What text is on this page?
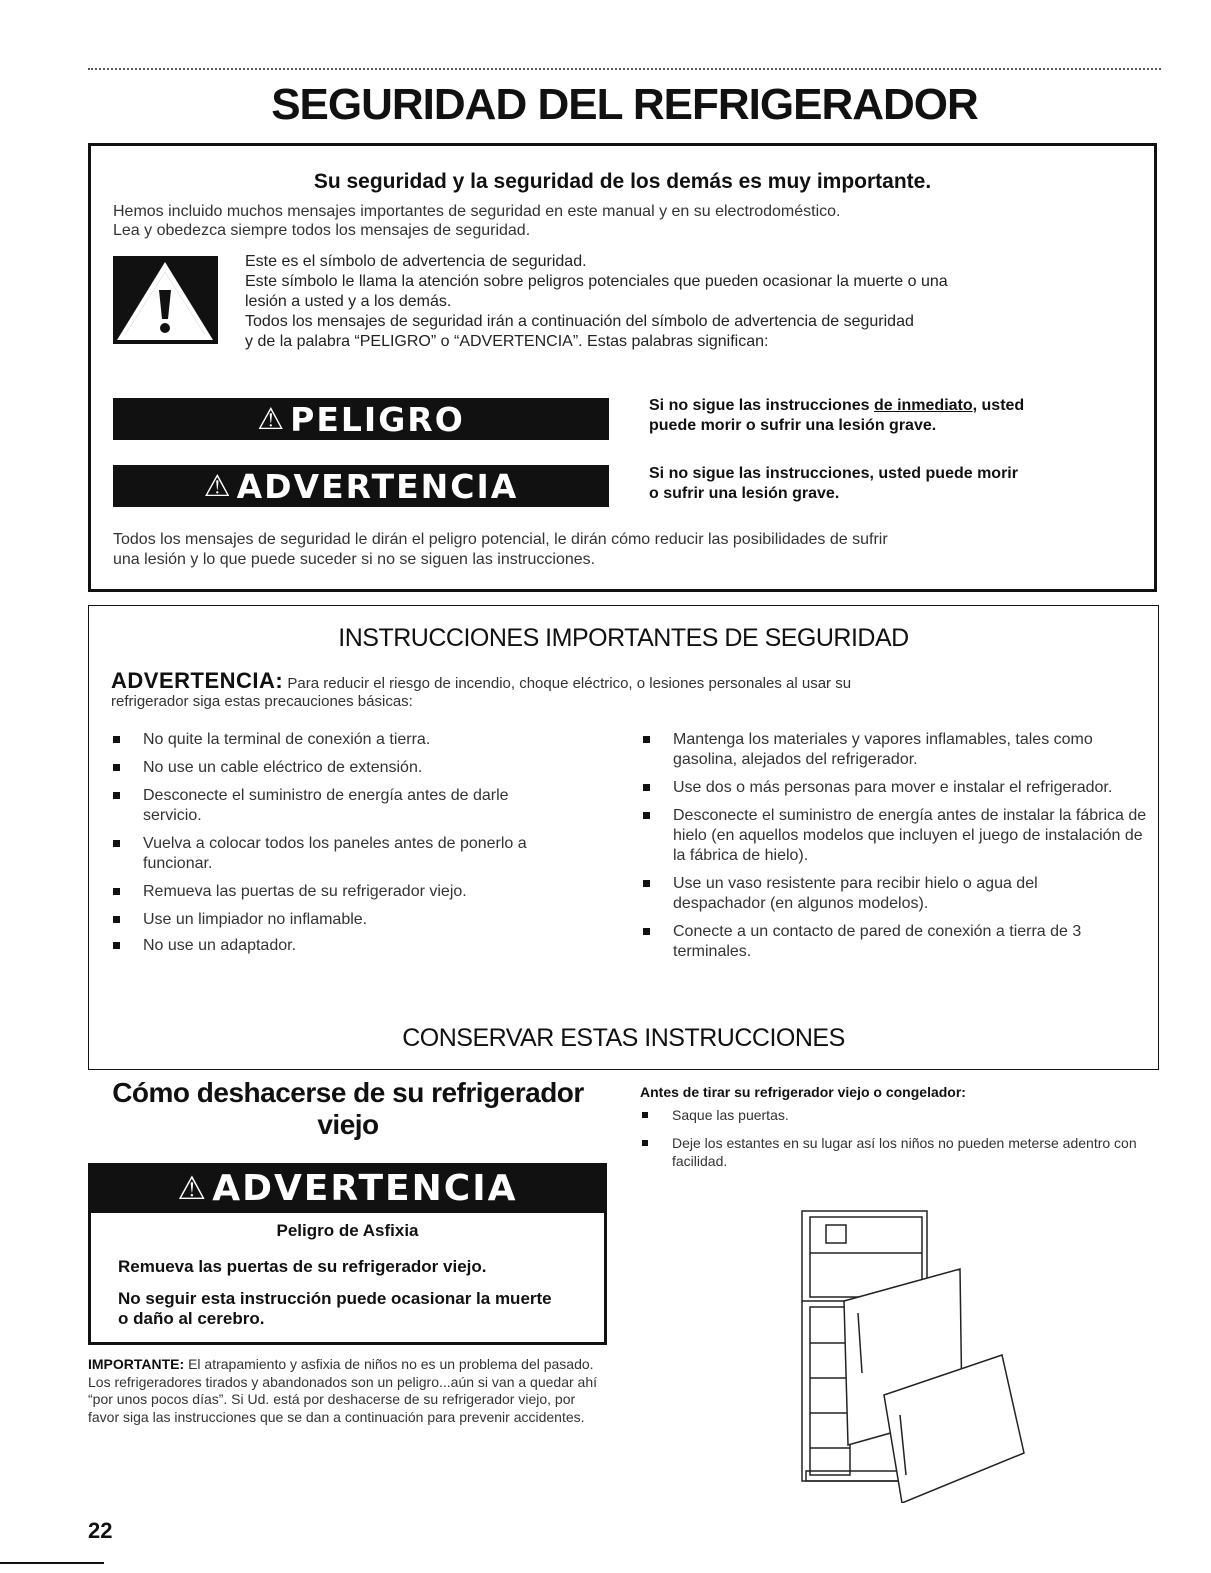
SEGURIDAD DEL REFRIGERADOR
Su seguridad y la seguridad de los demás es muy importante.
Hemos incluido muchos mensajes importantes de seguridad en este manual y en su electrodoméstico.
Lea y obedezca siempre todos los mensajes de seguridad.
Este es el símbolo de advertencia de seguridad.
Este símbolo le llama la atención sobre peligros potenciales que pueden ocasionar la muerte o una
lesión a usted y a los demás.
Todos los mensajes de seguridad irán a continuación del símbolo de advertencia de seguridad
y de la palabra “PELIGRO” o “ADVERTENCIA”. Estas palabras significan:
⚠ PELIGRO	Si no sigue las instrucciones de inmediato, usted
puede morir o sufrir una lesión grave.
⚠ ADVERTENCIA	Si no sigue las instrucciones, usted puede morir
o sufrir una lesión grave.
Todos los mensajes de seguridad le dirán el peligro potencial, le dirán cómo reducir las posibilidades de sufrir
una lesión y lo que puede suceder si no se siguen las instrucciones.
INSTRUCCIONES IMPORTANTES DE SEGURIDAD
ADVERTENCIA: Para reducir el riesgo de incendio, choque eléctrico, o lesiones personales al usar su
refrigerador siga estas precauciones básicas:
No quite la terminal de conexión a tierra.
No use un cable eléctrico de extensión.
Desconecte el suministro de energía antes de darle servicio.
Vuelva a colocar todos los paneles antes de ponerlo a funcionar.
Remueva las puertas de su refrigerador viejo.
Use un limpiador no inflamable.
No use un adaptador.
Mantenga los materiales y vapores inflamables, tales como gasolina, alejados del refrigerador.
Use dos o más personas para mover e instalar el refrigerador.
Desconecte el suministro de energía antes de instalar la fábrica de hielo (en aquellos modelos que incluyen el juego de instalación de la fábrica de hielo).
Use un vaso resistente para recibir hielo o agua del despachador (en algunos modelos).
Conecte a un contacto de pared de conexión a tierra de 3 terminales.
CONSERVAR ESTAS INSTRUCCIONES
Cómo deshacerse de su refrigerador
viejo
⚠ ADVERTENCIA
Peligro de Asfixia
Remueva las puertas de su refrigerador viejo.
No seguir esta instrucción puede ocasionar la muerte o daño al cerebro.
IMPORTANTE: El atrapamiento y asfixia de niños no es un problema del pasado. Los refrigeradores tirados y abandonados son un peligro...aún si van a quedar ahí “por unos pocos días”. Si Ud. está por deshacerse de su refrigerador viejo, por favor siga las instrucciones que se dan a continuación para prevenir accidentes.
Antes de tirar su refrigerador viejo o congelador:
Saque las puertas.
Deje los estantes en su lugar así los niños no pueden meterse adentro con facilidad.
22
